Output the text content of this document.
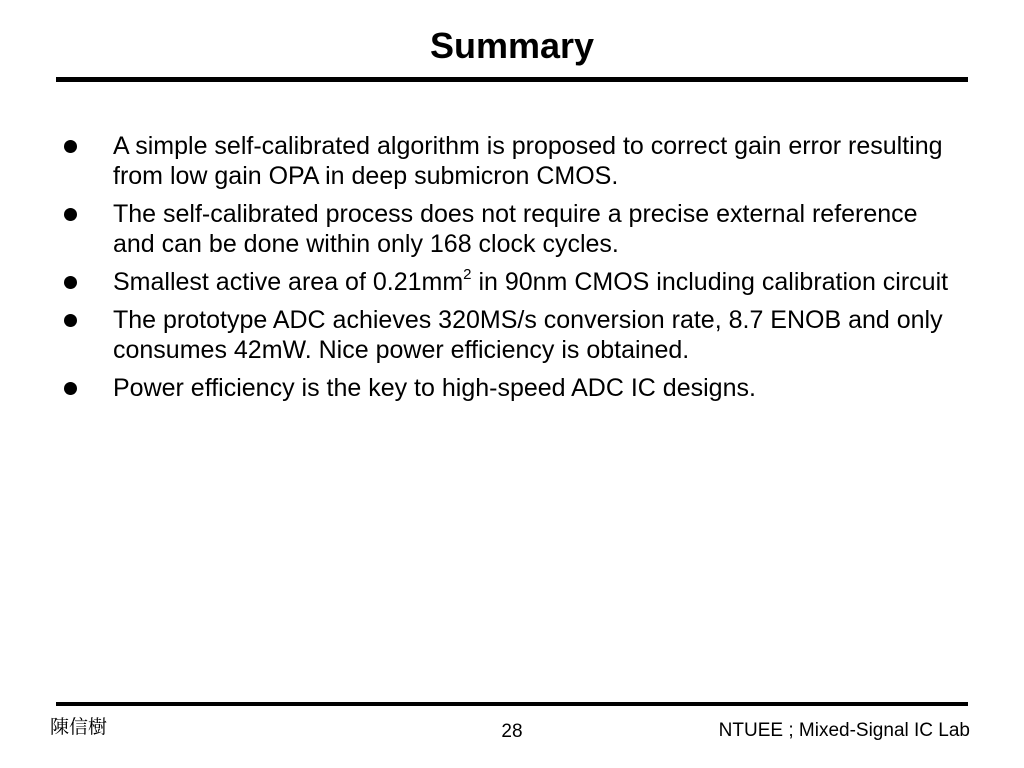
Summary
A simple self-calibrated algorithm is proposed to correct gain error resulting from low gain OPA in deep submicron CMOS.
The self-calibrated process does not require a precise external reference and can be done within only 168 clock cycles.
Smallest active area of $0.21mm^2$ in 90nm CMOS including calibration circuit
The prototype ADC achieves 320MS/s conversion rate, 8.7 ENOB and only consumes 42mW. Nice power efficiency is obtained.
Power efficiency is the key to high-speed ADC IC designs.
陳信樹	28	NTUEE ; Mixed-Signal IC Lab
